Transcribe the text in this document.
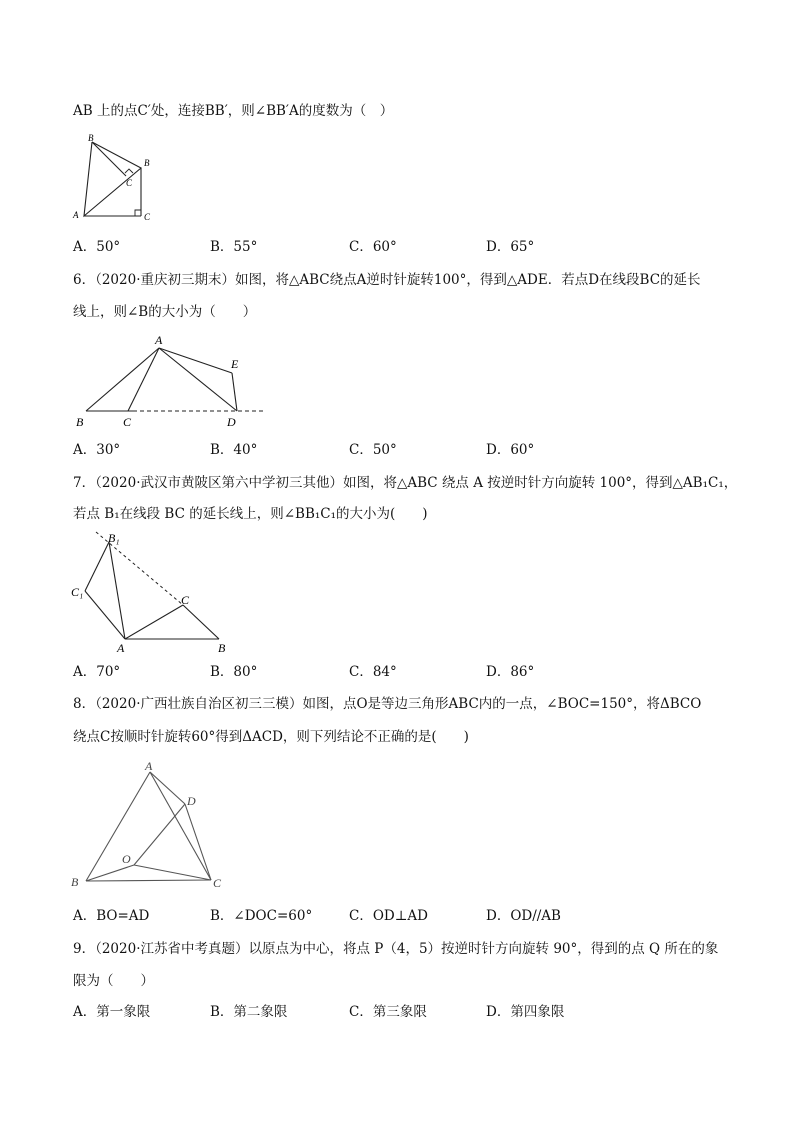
AB 上的点C′处，连接BB′，则∠BB′A的度数为（　）
B
B
C
A	C
A．50°	B．55°	C．60°	D．65°
6．（2020·重庆初三期末）如图，将△ABC绕点A逆时针旋转100°，得到△ADE．若点D在线段BC的延长
线上，则∠B的大小为（　　）
A
E
B	C	D
A．30°	B．40°	C．50°	D．60°
7．（2020·武汉市黄陂区第六中学初三其他）如图，将△ABC 绕点 A 按逆时针方向旋转 100°，得到△AB₁C₁，
若点 B₁在线段 BC 的延长线上，则∠BB₁C₁的大小为(　　)
B₁
C₁
C
A	B
A．70°	B．80°	C．84°	D．86°
8．（2020·广西壮族自治区初三三模）如图，点O是等边三角形ABC内的一点，∠BOC=150°，将ΔBCO
绕点C按顺时针旋转60°得到ΔACD，则下列结论不正确的是(　　)
A
D
O
B	C
A．BO=AD	B．∠DOC=60°	C．OD⊥AD	D．OD//AB
9．（2020·江苏省中考真题）以原点为中心，将点 P（4，5）按逆时针方向旋转 90°，得到的点 Q 所在的象
限为（　　）
A．第一象限	B．第二象限	C．第三象限	D．第四象限
